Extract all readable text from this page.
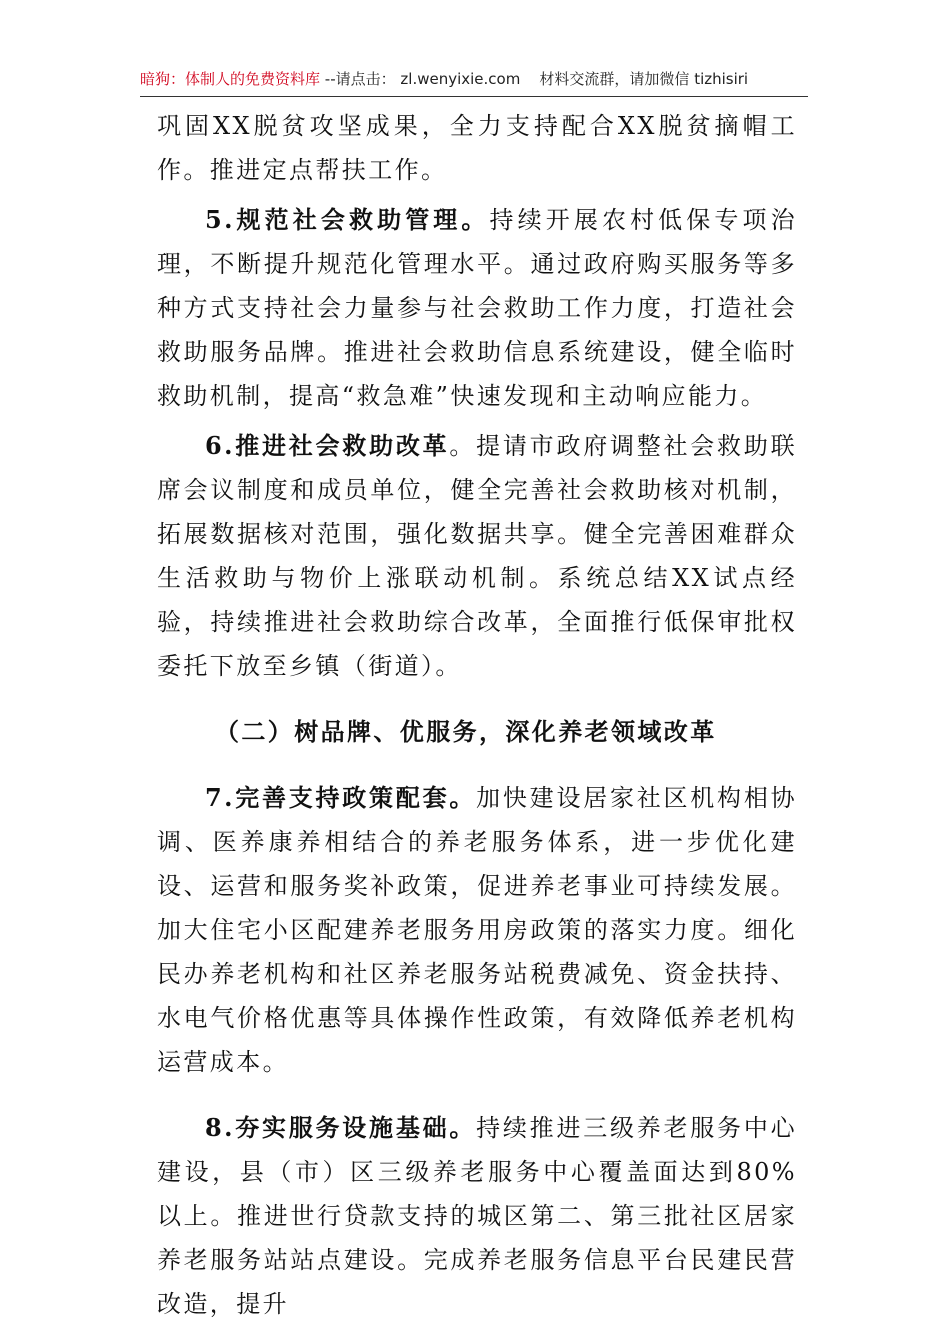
暗狗：体制人的免费资料库 --请点击： zl.wenyixie.com 材料交流群，请加微信 tizhisiri

巩固XX脱贫攻坚成果，全力支持配合XX脱贫摘帽工作。推进定点帮扶工作。

5.规范社会救助管理。持续开展农村低保专项治理，不断提升规范化管理水平。通过政府购买服务等多种方式支持社会力量参与社会救助工作力度，打造社会救助服务品牌。推进社会救助信息系统建设，健全临时救助机制，提高“救急难”快速发现和主动响应能力。

6.推进社会救助改革。提请市政府调整社会救助联席会议制度和成员单位，健全完善社会救助核对机制，拓展数据核对范围，强化数据共享。健全完善困难群众生活救助与物价上涨联动机制。系统总结XX试点经验，持续推进社会救助综合改革，全面推行低保审批权委托下放至乡镇（街道）。

（二）树品牌、优服务，深化养老领域改革

7.完善支持政策配套。加快建设居家社区机构相协调、医养康养相结合的养老服务体系，进一步优化建设、运营和服务奖补政策，促进养老事业可持续发展。加大住宅小区配建养老服务用房政策的落实力度。细化民办养老机构和社区养老服务站税费减免、资金扶持、水电气价格优惠等具体操作性政策，有效降低养老机构运营成本。

8.夯实服务设施基础。持续推进三级养老服务中心建设，县（市）区三级养老服务中心覆盖面达到80%以上。推进世行贷款支持的城区第二、第三批社区居家养老服务站站点建设。完成养老服务信息平台民建民营改造，提升
